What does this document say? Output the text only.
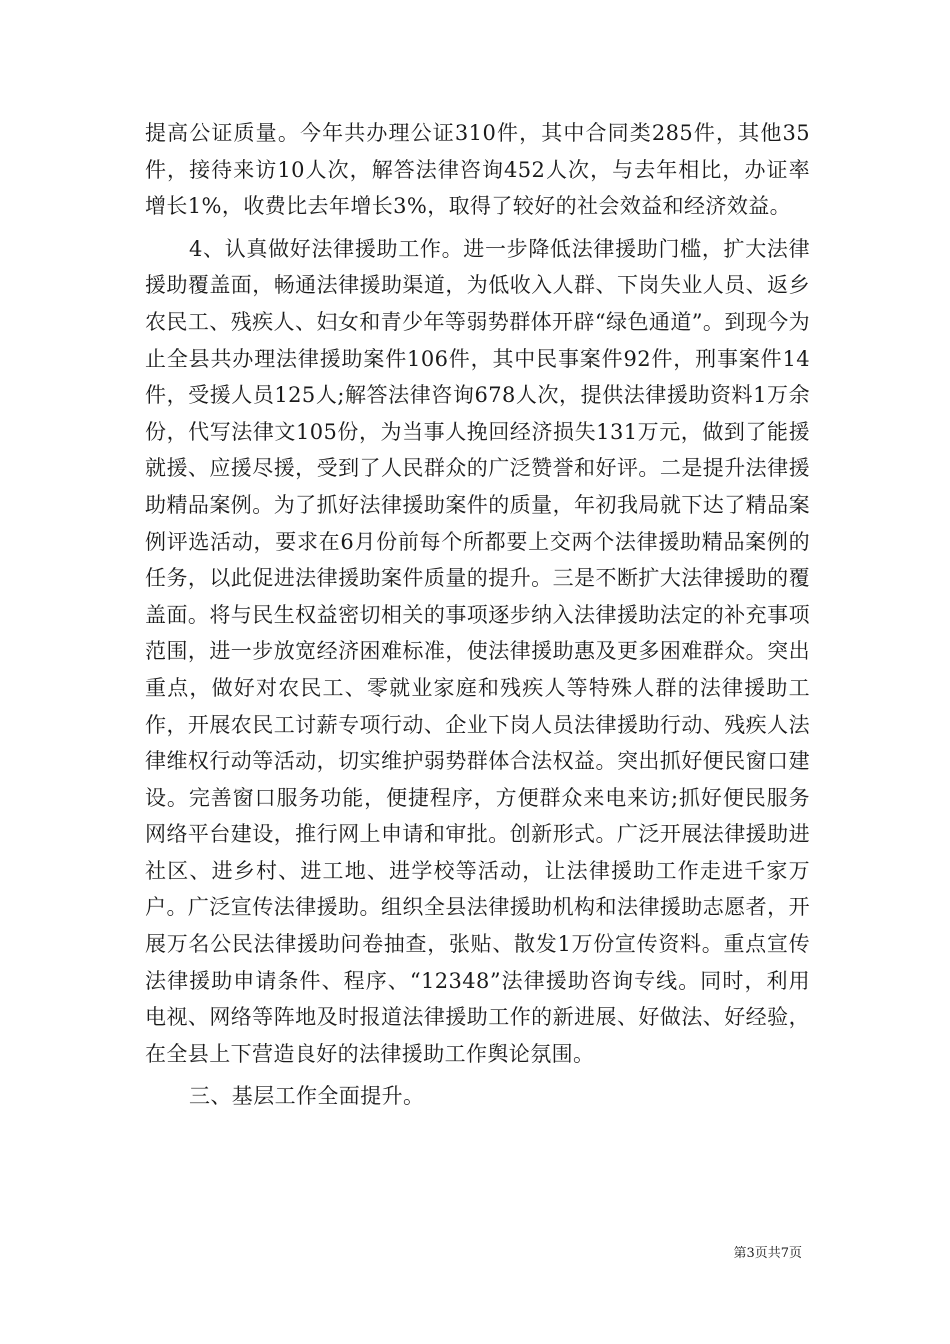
提高公证质量。今年共办理公证310件，其中合同类285件，其他35件，接待来访10人次，解答法律咨询452人次，与去年相比，办证率增长1%，收费比去年增长3%，取得了较好的社会效益和经济效益。

4、认真做好法律援助工作。进一步降低法律援助门槛，扩大法律援助覆盖面，畅通法律援助渠道，为低收入人群、下岗失业人员、返乡农民工、残疾人、妇女和青少年等弱势群体开辟“绿色通道”。到现今为止全县共办理法律援助案件106件，其中民事案件92件，刑事案件14件，受援人员125人;解答法律咨询678人次，提供法律援助资料1万余份，代写法律文105份，为当事人挽回经济损失131万元，做到了能援就援、应援尽援，受到了人民群众的广泛赞誉和好评。二是提升法律援助精品案例。为了抓好法律援助案件的质量，年初我局就下达了精品案例评选活动，要求在6月份前每个所都要上交两个法律援助精品案例的任务，以此促进法律援助案件质量的提升。三是不断扩大法律援助的覆盖面。将与民生权益密切相关的事项逐步纳入法律援助法定的补充事项范围，进一步放宽经济困难标准，使法律援助惠及更多困难群众。突出重点，做好对农民工、零就业家庭和残疾人等特殊人群的法律援助工作，开展农民工讨薪专项行动、企业下岗人员法律援助行动、残疾人法律维权行动等活动，切实维护弱势群体合法权益。突出抓好便民窗口建设。完善窗口服务功能，便捷程序，方便群众来电来访;抓好便民服务网络平台建设，推行网上申请和审批。创新形式。广泛开展法律援助进社区、进乡村、进工地、进学校等活动，让法律援助工作走进千家万户。广泛宣传法律援助。组织全县法律援助机构和法律援助志愿者，开展万名公民法律援助问卷抽查，张贴、散发1万份宣传资料。重点宣传法律援助申请条件、程序、“12348”法律援助咨询专线。同时，利用电视、网络等阵地及时报道法律援助工作的新进展、好做法、好经验，在全县上下营造良好的法律援助工作舆论氛围。

三、基层工作全面提升。

第3页共7页
